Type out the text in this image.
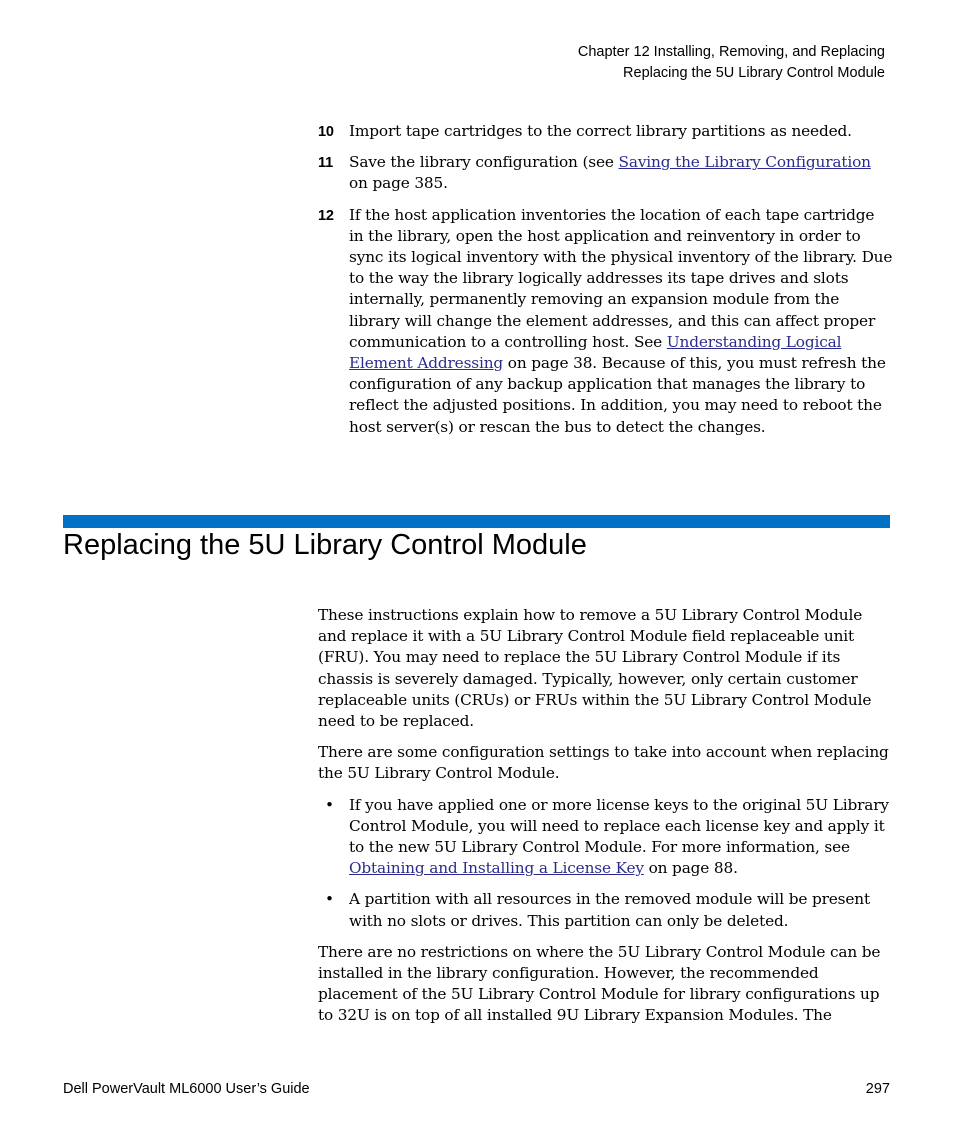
Chapter 12 Installing, Removing, and Replacing
Replacing the 5U Library Control Module
10 Import tape cartridges to the correct library partitions as needed.
11 Save the library configuration (see Saving the Library Configuration on page 385.
12 If the host application inventories the location of each tape cartridge in the library, open the host application and reinventory in order to sync its logical inventory with the physical inventory of the library. Due to the way the library logically addresses its tape drives and slots internally, permanently removing an expansion module from the library will change the element addresses, and this can affect proper communication to a controlling host. See Understanding Logical Element Addressing on page 38. Because of this, you must refresh the configuration of any backup application that manages the library to reflect the adjusted positions. In addition, you may need to reboot the host server(s) or rescan the bus to detect the changes.
Replacing the 5U Library Control Module

These instructions explain how to remove a 5U Library Control Module and replace it with a 5U Library Control Module field replaceable unit (FRU). You may need to replace the 5U Library Control Module if its chassis is severely damaged. Typically, however, only certain customer replaceable units (CRUs) or FRUs within the 5U Library Control Module need to be replaced.

There are some configuration settings to take into account when replacing the 5U Library Control Module.

• If you have applied one or more license keys to the original 5U Library Control Module, you will need to replace each license key and apply it to the new 5U Library Control Module. For more information, see Obtaining and Installing a License Key on page 88.
• A partition with all resources in the removed module will be present with no slots or drives. This partition can only be deleted.

There are no restrictions on where the 5U Library Control Module can be installed in the library configuration. However, the recommended placement of the 5U Library Control Module for library configurations up to 32U is on top of all installed 9U Library Expansion Modules. The

Dell PowerVault ML6000 User’s Guide	297
